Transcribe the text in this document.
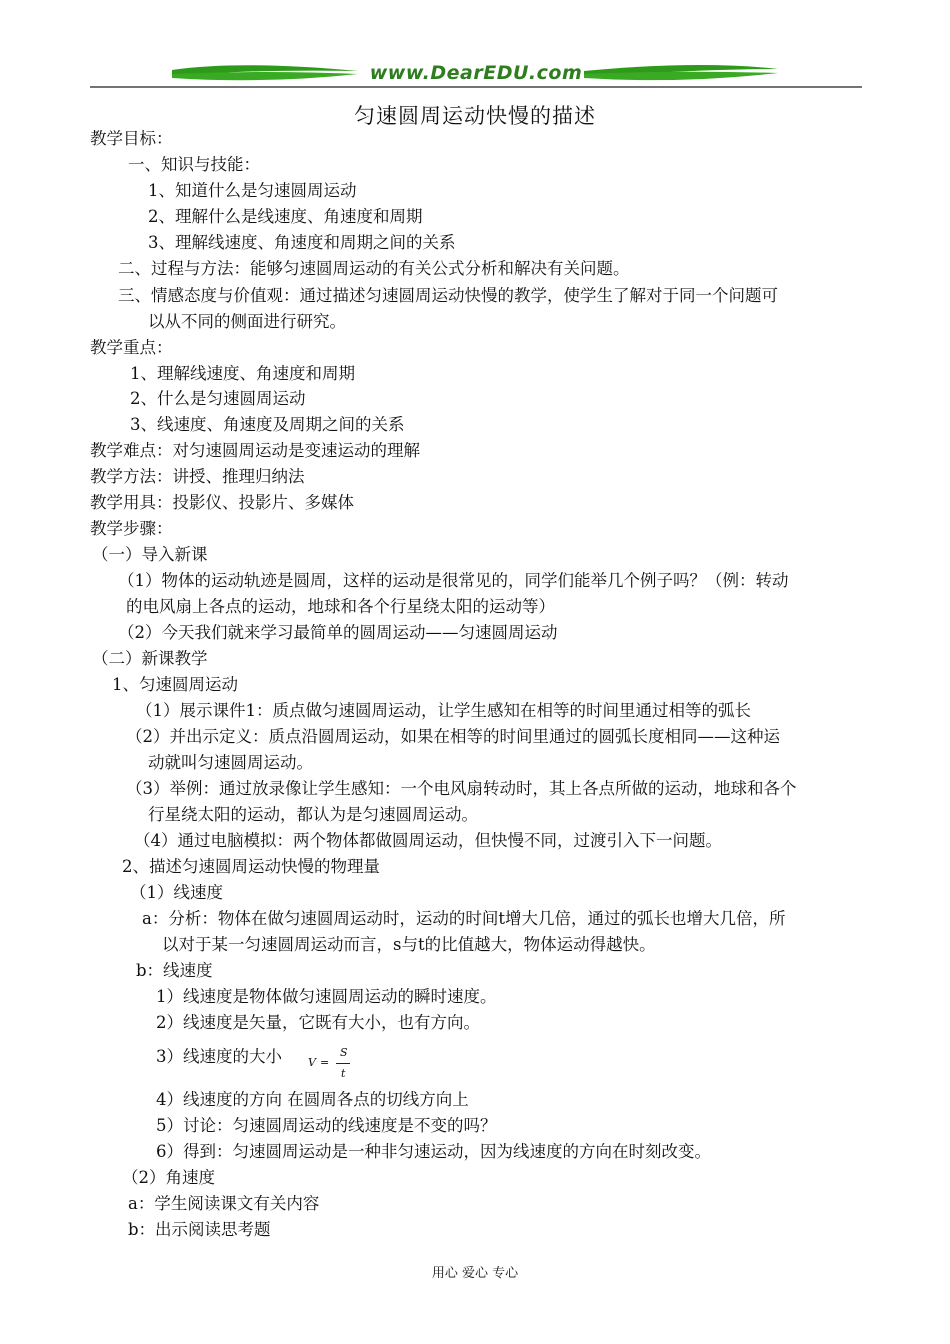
www.DearEDU.com
匀速圆周运动快慢的描述
教学目标：
一、知识与技能：
1、知道什么是匀速圆周运动
2、理解什么是线速度、角速度和周期
3、理解线速度、角速度和周期之间的关系
二、过程与方法：能够匀速圆周运动的有关公式分析和解决有关问题。
三、情感态度与价值观：通过描述匀速圆周运动快慢的教学，使学生了解对于同一个问题可
以从不同的侧面进行研究。
教学重点：
1、理解线速度、角速度和周期
2、什么是匀速圆周运动
3、线速度、角速度及周期之间的关系
教学难点：对匀速圆周运动是变速运动的理解
教学方法：讲授、推理归纳法
教学用具：投影仪、投影片、多媒体
教学步骤：
（一）导入新课
（1）物体的运动轨迹是圆周，这样的运动是很常见的，同学们能举几个例子吗？（例：转动
的电风扇上各点的运动，地球和各个行星绕太阳的运动等）
（2）今天我们就来学习最简单的圆周运动——匀速圆周运动
（二）新课教学
1、匀速圆周运动
（1）展示课件1：质点做匀速圆周运动，让学生感知在相等的时间里通过相等的弧长
（2）并出示定义：质点沿圆周运动，如果在相等的时间里通过的圆弧长度相同——这种运
动就叫匀速圆周运动。
（3）举例：通过放录像让学生感知：一个电风扇转动时，其上各点所做的运动，地球和各个
行星绕太阳的运动，都认为是匀速圆周运动。
（4）通过电脑模拟：两个物体都做圆周运动，但快慢不同，过渡引入下一问题。
2、描述匀速圆周运动快慢的物理量
（1）线速度
a：分析：物体在做匀速圆周运动时，运动的时间t增大几倍，通过的弧长也增大几倍，所
以对于某一匀速圆周运动而言，s与t的比值越大，物体运动得越快。
b：线速度
1）线速度是物体做匀速圆周运动的瞬时速度。
2）线速度是矢量，它既有大小，也有方向。
3）线速度的大小 V =
S
t
4）线速度的方向 在圆周各点的切线方向上
5）讨论：匀速圆周运动的线速度是不变的吗？
6）得到：匀速圆周运动是一种非匀速运动，因为线速度的方向在时刻改变。
（2）角速度
a：学生阅读课文有关内容
b：出示阅读思考题
用心 爱心 专心
